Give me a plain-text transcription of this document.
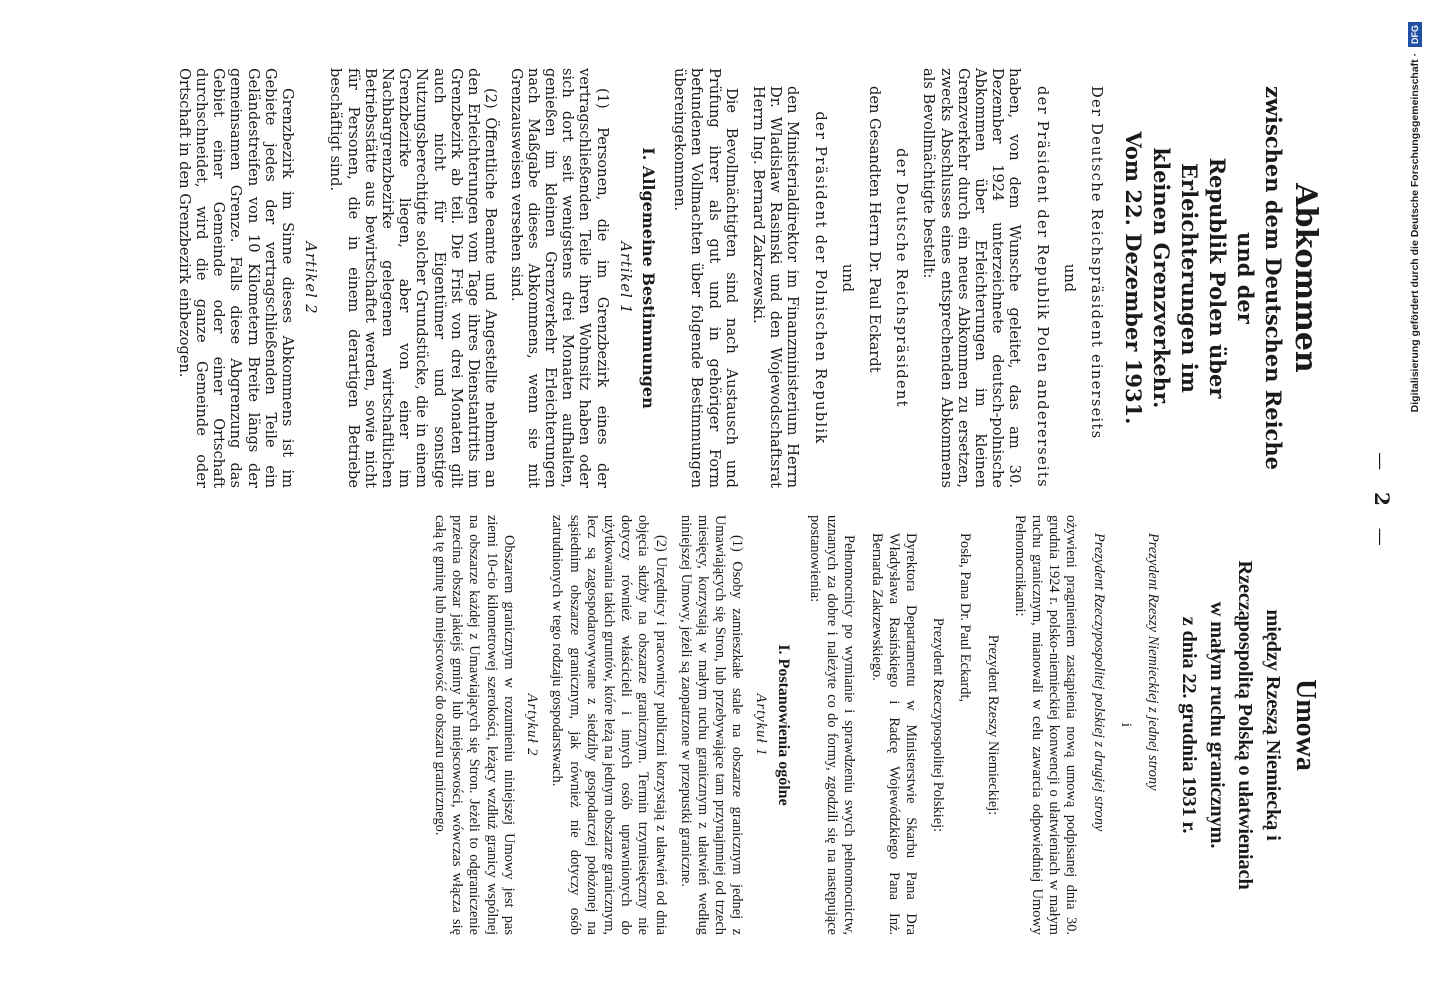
— 2 —
Abkommen
zwischen dem Deutschen Reiche und der
Republik Polen über Erleichterungen im
kleinen Grenzverkehr.
Vom 22. Dezember 1931.

Der Deutsche Reichspräsident einerseits

und

der Präsident der Republik Polen andererseits

haben, von dem Wunsche geleitet, das am 30. Dezember 1924 unterzeichnete deutsch-polnische Abkommen über Erleichterungen im kleinen Grenzverkehr durch ein neues Abkommen zu ersetzen, zwecks Abschlusses eines entsprechenden Abkommens als Bevollmächtigte bestellt:

der Deutsche Reichspräsident

den Gesandten Herrn Dr. Paul Eckardt

und

der Präsident der Polnischen Republik

den Ministerialdirektor im Finanzministerium Herrn Dr. Wladislaw Rasinski und den Wojewodschaftsrat Herrn Ing. Bernard Zakrzewski.

Die Bevollmächtigten sind nach Austausch und Prüfung ihrer als gut und in gehöriger Form befundenen Vollmachten über folgende Bestimmungen übereingekommen.

I. Allgemeine Bestimmungen
Artikel 1

(1) Personen, die im Grenzbezirk eines der vertragschließenden Teile ihren Wohnsitz haben oder sich dort seit wenigstens drei Monaten aufhalten, genießen im kleinen Grenzverkehr Erleichterungen nach Maßgabe dieses Abkommens, wenn sie mit Grenzausweisen versehen sind.

(2) Öffentliche Beamte und Angestellte nehmen an den Erleichterungen vom Tage ihres Dienstantritts im Grenzbezirk ab teil. Die Frist von drei Monaten gilt auch nicht für Eigentümer und sonstige Nutzungsberechtigte solcher Grundstücke, die in einem Grenzbezirke liegen, aber von einer im Nachbargrenzbezirke gelegenen wirtschaftlichen Betriebsstätte aus bewirtschaftet werden, sowie nicht für Personen, die in einem derartigen Betriebe beschäftigt sind.

Artikel 2

Grenzbezirk im Sinne dieses Abkommens ist im Gebiete jedes der vertragschließenden Teile ein Geländestreifen von 10 Kilometern Breite längs der gemeinsamen Grenze. Falls diese Abgrenzung das Gebiet einer Gemeinde oder einer Ortschaft durchschneidet, wird die ganze Gemeinde oder Ortschaft in den Grenzbezirk einbezogen.

Umowa
między Rzeszą Niemiecką i
Rzecząpospolitą Polską o ułatwieniach
w małym ruchu granicznym.
z dnia 22. grudnia 1931 r.

Prezydent Rzeszy Niemieckiej z jednej strony

i

Prezydent Rzeczypospolitej polskiej z drugiej strony

ożywieni pragnieniem zastąpienia nową umową podpisanej dnia 30. grudnia 1924 r. polsko-niemieckiej konwencji o ułatwieniach w małym ruchu granicznym, mianowali w celu zawarcia odpowiedniej Umowy Pełnomocnikami:

Prezydent Rzeszy Niemieckiej:

Posła, Pana Dr. Paul Eckardt,

Prezydent Rzeczypospolitej Polskiej:

Dyrektora Departamentu w Ministerstwie Skarbu Pana Dra Władysława Rasińskiego i Radcę Wojewódzkiego Pana Inż. Bernarda Zakrzewskiego.

Pełnomocnicy po wymianie i sprawdzeniu swych pełnomocnictw, uznanych za dobre i należyte co do formy, zgodzili się na następujące postanowienia:

I. Postanowienia ogólne
Artykuł 1

(1) Osoby zamieszkałe stale na obszarze granicznym jednej z Umawiających się Stron, lub przebywające tam przynajmniej od trzech miesięcy, korzystają w małym ruchu granicznym z ułatwień według niniejszej Umowy, jeżeli są zaopatrzone w przepustki graniczne.

(2) Urzędnicy i pracownicy publiczni korzystają z ułatwień od dnia objęcia służby na obszarze granicznym. Termin trzymiesięczny nie dotyczy również właścicieli i innych osób uprawnionych do użytkowania takich gruntów, które leżą na jednym obszarze granicznym, lecz są zagospodarowywane z siedziby gospodarczej położonej na sąsiednim obszarze granicznym, jak również nie dotyczy osób zatrudnionych w tego rodzaju gospodarstwach.

Artykuł 2

Obszarem granicznym w rozumieniu niniejszej Umowy jest pas ziemi 10-cio kilometrowej szerokości, leżący wzdłuż granicy wspólnej na obszarze każdej z Umawiających się Stron. Jeżeli to odgraniczenie przecina obszar jakiejś gminy lub miejscowości, wówczas włącza się całą tę gminę lub miejscowość do obszaru granicznego.

Digitalisierung gefördert durch die Deutsche Forschungsgemeinschaft · DFG
